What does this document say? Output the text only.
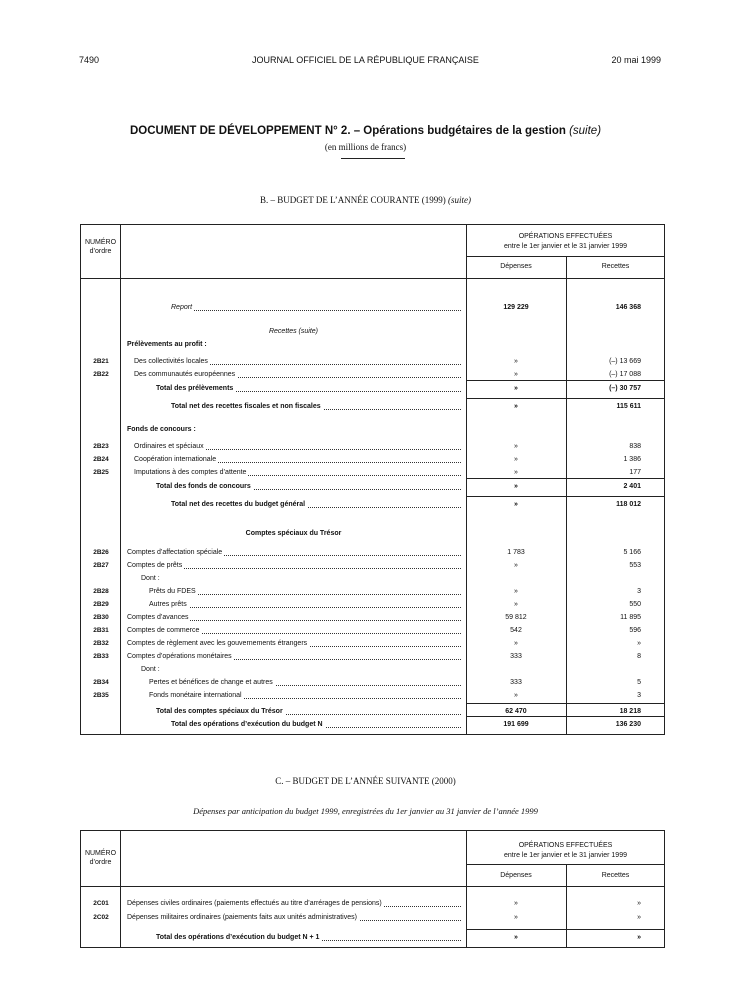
7490	JOURNAL OFFICIEL DE LA RÉPUBLIQUE FRANÇAISE	20 mai 1999
DOCUMENT DE DÉVELOPPEMENT N° 2. – Opérations budgétaires de la gestion (suite)
(en millions de francs)
B. – BUDGET DE L’ANNÉE COURANTE (1999) (suite)
NUMÉRO
d’ordre
OPÉRATIONS EFFECTUÉES
entre le 1er janvier et le 31 janvier 1999
Dépenses	Recettes
Report	129 229	146 368
Recettes (suite)
Prélèvements au profit :
2B21	Des collectivités locales	»	(–) 13 669
2B22	Des communautés européennes	»	(–) 17 088
Total des prélèvements	»	(–) 30 757
Total net des recettes fiscales et non fiscales	»	115 611
Fonds de concours :
2B23	Ordinaires et spéciaux	»	838
2B24	Coopération internationale	»	1 386
2B25	Imputations à des comptes d’attente	»	177
Total des fonds de concours	»	2 401
Total net des recettes du budget général	»	118 012
Comptes spéciaux du Trésor
2B26	Comptes d’affectation spéciale	1 783	5 166
2B27	Comptes de prêts	»	553
Dont :
2B28	Prêts du FDES	»	3
2B29	Autres prêts	»	550
2B30	Comptes d’avances	59 812	11 895
2B31	Comptes de commerce	542	596
2B32	Comptes de règlement avec les gouvernements étrangers	»	»
2B33	Comptes d’opérations monétaires	333	8
Dont :
2B34	Pertes et bénéfices de change et autres	333	5
2B35	Fonds monétaire international	»	3
Total des comptes spéciaux du Trésor	62 470	18 218
Total des opérations d’exécution du budget N	191 699	136 230
C. – BUDGET DE L’ANNÉE SUIVANTE (2000)
Dépenses par anticipation du budget 1999, enregistrées du 1er janvier au 31 janvier de l’année 1999
NUMÉRO
d’ordre
OPÉRATIONS EFFECTUÉES
entre le 1er janvier et le 31 janvier 1999
Dépenses	Recettes
2C01	Dépenses civiles ordinaires (paiements effectués au titre d’arrérages de pensions)	»	»
2C02	Dépenses militaires ordinaires (paiements faits aux unités administratives)	»	»
Total des opérations d’exécution du budget N + 1	»	»
